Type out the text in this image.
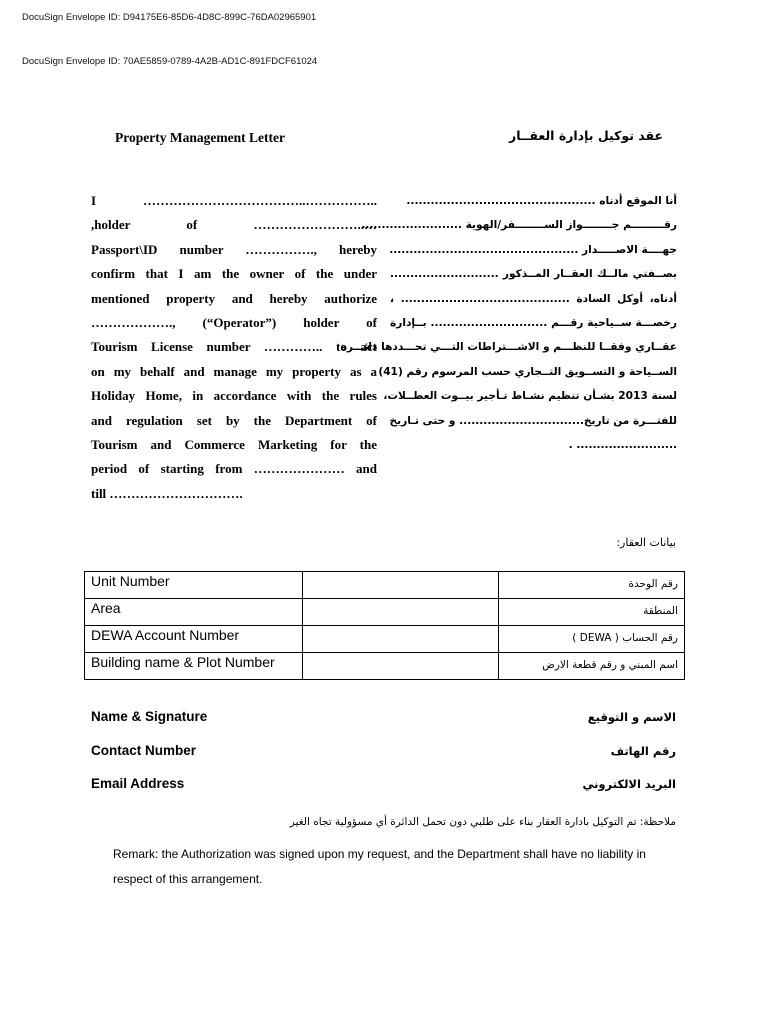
DocuSign Envelope ID: D94175E6-85D6-4D8C-899C-76DA02965901
DocuSign Envelope ID: 70AE5859-0789-4A2B-AD1C-891FDCF61024
Property Management Letter	عقد توكيل بإدارة العقــار
I ………………………………..……………..
,holder of ……………………..…
Passport\ID number ……………., hereby
confirm that I am the owner of the under
mentioned property and hereby authorize
………………., (“Operator”) holder of
Tourism License number ………….. to act
on my behalf and manage my property as a
Holiday Home, in accordance with the rules
and regulation set by the Department of
Tourism and Commerce Marketing for the
period of starting from ………………… and
till ………………………….
أنا الموقع أدناه ...............................................
رقـــــــــم جــــــــواز الســــــــفر/الهوية .........................
جهــــة الاصـــــدار ...............................................
بصــفتي مالــك العقــار المــذكور ...........................
أدناه، أوكل السادة .......................................... ،
رخصـــة ســياحية رقـــم ............................. بــإدارة
عقــاري وفقــا للنظـــم و الاشـــتراطات التـــي تحـــددها دائـــرة
الســياحة و التســويق التــجاري حسب المرسوم رقم (41)
لسنة 2013 بشـأن تنظيم نشـاط تـأجير بيــوت العطــلات،
للفتـــرة من تاريخ............................... و حتى تـاريخ
......................... .
بيانات العقار:
Unit Number		رقم الوحدة
Area		المنطقة
DEWA Account Number		رقم الحساب ( DEWA )
Building name & Plot Number		اسم المبني و رقم قطعة الارض
Name & Signature	الاسم و التوقيع
Contact Number	رقم الهاتف
Email Address	البريد الالكتروني
ملاحظة: تم التوكيل بادارة العقار بناء على طلبي دون تحمل الدائرة أي مسؤولية تجاه الغير
Remark: the Authorization was signed upon my request, and the Department shall have no liability in respect of this arrangement.
